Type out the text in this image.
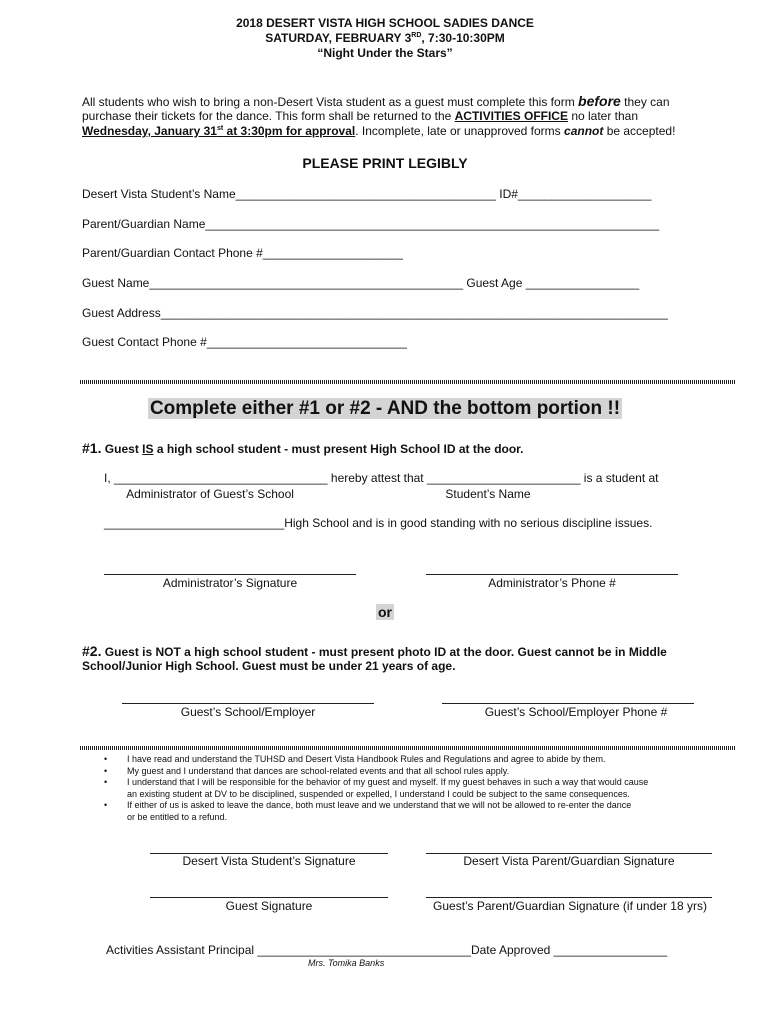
2018 DESERT VISTA HIGH SCHOOL SADIES DANCE
SATURDAY, FEBRUARY 3RD, 7:30-10:30PM
“Night Under the Stars”
All students who wish to bring a non-Desert Vista student as a guest must complete this form before they can
purchase their tickets for the dance. This form shall be returned to the ACTIVITIES OFFICE no later than
Wednesday, January 31st at 3:30pm for approval. Incomplete, late or unapproved forms cannot be accepted!
PLEASE PRINT LEGIBLY
Desert Vista Student’s Name_______________________________________ ID#____________________
Parent/Guardian Name____________________________________________________________________
Parent/Guardian Contact Phone #_____________________
Guest Name_______________________________________________ Guest Age _________________
Guest Address____________________________________________________________________________
Guest Contact Phone #______________________________
Complete either #1 or #2 - AND the bottom portion !!
#1. Guest IS a high school student - must present High School ID at the door.
I, ________________________________ hereby attest that _______________________ is a student at
Administrator of Guest’s School	Student’s Name
___________________________High School and is in good standing with no serious discipline issues.
Administrator’s Signature	Administrator’s Phone #
or
#2. Guest is NOT a high school student - must present photo ID at the door. Guest cannot be in Middle
School/Junior High School. Guest must be under 21 years of age.
Guest’s School/Employer	Guest’s School/Employer Phone #
• I have read and understand the TUHSD and Desert Vista Handbook Rules and Regulations and agree to abide by them.
• My guest and I understand that dances are school-related events and that all school rules apply.
• I understand that I will be responsible for the behavior of my guest and myself. If my guest behaves in such a way that would cause
an existing student at DV to be disciplined, suspended or expelled, I understand I could be subject to the same consequences.
• If either of us is asked to leave the dance, both must leave and we understand that we will not be allowed to re-enter the dance
or be entitled to a refund.
Desert Vista Student’s Signature	Desert Vista Parent/Guardian Signature
Guest Signature	Guest’s Parent/Guardian Signature (if under 18 yrs)
Activities Assistant Principal ________________________________Date Approved _________________
Mrs. Tomika Banks
